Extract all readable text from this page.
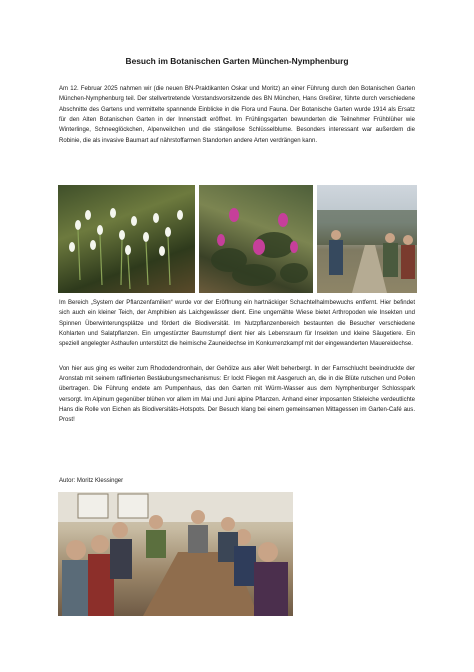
Besuch im Botanischen Garten München-Nymphenburg

Am 12. Februar 2025 nahmen wir (die neuen BN-Praktikanten Oskar und Moritz) an einer Führung durch den Botanischen Garten München-Nymphenburg teil. Der stellvertretende Vorstandsvorsitzende des BN München, Hans Greßirer, führte durch verschiedene Abschnitte des Gartens und vermittelte spannende Einblicke in die Flora und Fauna. Der Botanische Garten wurde 1914 als Ersatz für den Alten Botanischen Garten in der Innenstadt eröffnet. Im Frühlingsgarten bewunderten die Teilnehmer Frühblüher wie Winterlinge, Schneeglöckchen, Alpenveilchen und die stängellose Schlüsselblume. Besonders interessant war außerdem die Robinie, die als invasive Baumart auf nährstoffarmen Standorten andere Arten verdrängen kann.

Im Bereich „System der Pflanzenfamilien“ wurde vor der Eröffnung ein hartnäckiger Schachtelhalmbewuchs entfernt. Hier befindet sich auch ein kleiner Teich, der Amphibien als Laichgewässer dient. Eine ungemähte Wiese bietet Arthropoden wie Insekten und Spinnen Überwinterungsplätze und fördert die Biodiversität. Im Nutzpflanzenbereich bestaunten die Besucher verschiedene Kohlarten und Salatpflanzen. Ein umgestürzter Baumstumpf dient hier als Lebensraum für Insekten und kleine Säugetiere. Ein speziell angelegter Asthaufen unterstützt die heimische Zauneidechse im Konkurrenzkampf mit der eingewanderten Mauereidechse.

Von hier aus ging es weiter zum Rhododendronhain, der Gehölze aus aller Welt beherbergt. In der Farnschlucht beeindruckte der Aronstab mit seinem raffinierten Bestäubungsmechanismus: Er lockt Fliegen mit Aasgeruch an, die in die Blüte rutschen und Pollen übertragen. Die Führung endete am Pumpenhaus, das den Garten mit Würm-Wasser aus dem Nymphenburger Schlosspark versorgt. Im Alpinum gegenüber blühen vor allem im Mai und Juni alpine Pflanzen. Anhand einer imposanten Stieleiche verdeutlichte Hans die Rolle von Eichen als Biodiversitäts-Hotspots. Der Besuch klang bei einem gemeinsamen Mittagessen im Garten-Café aus. Prost!

Autor: Moritz Klessinger
